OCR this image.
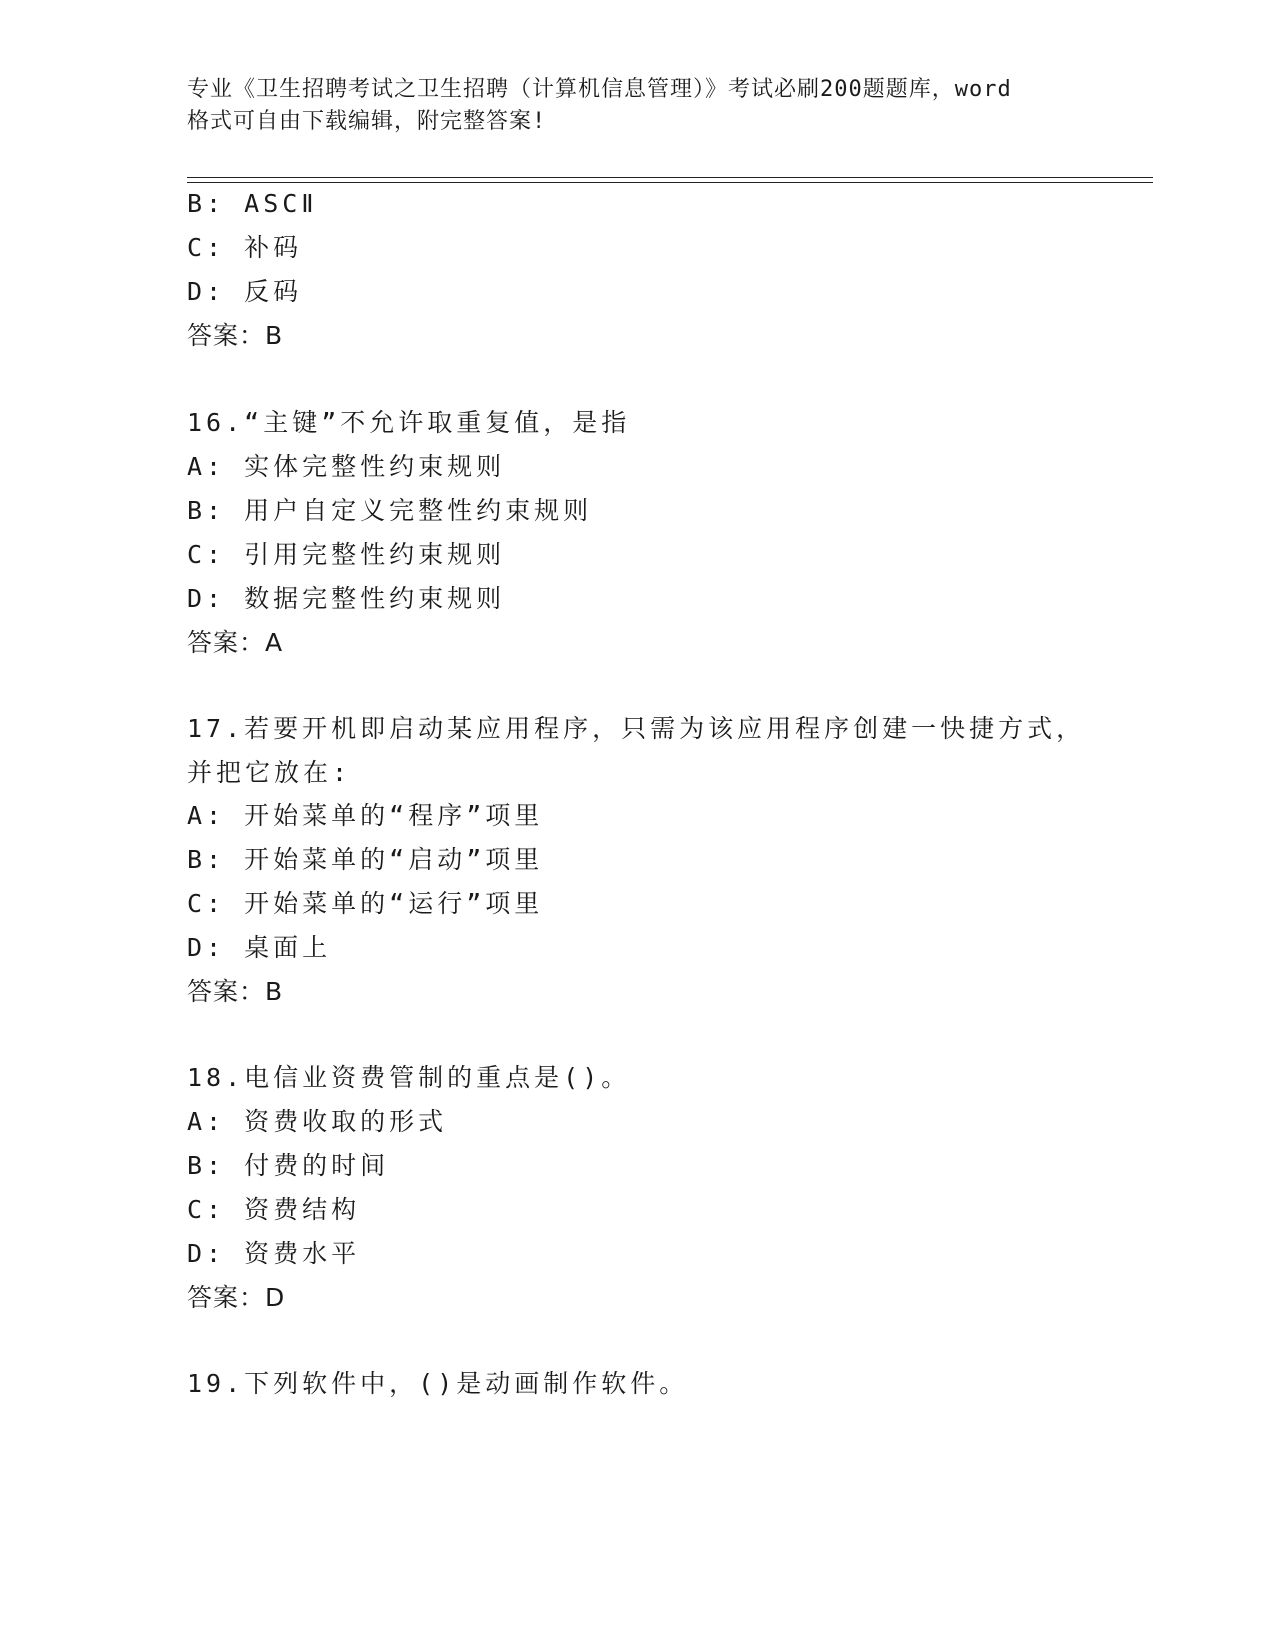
专业《卫生招聘考试之卫生招聘（计算机信息管理）》考试必刷200题题库，word
格式可自由下载编辑，附完整答案!
B: ASCⅡ
C: 补码
D: 反码
答案：B
16.“主键”不允许取重复值，是指
A: 实体完整性约束规则
B: 用户自定义完整性约束规则
C: 引用完整性约束规则
D: 数据完整性约束规则
答案：A
17.若要开机即启动某应用程序，只需为该应用程序创建一快捷方式，
并把它放在:
A: 开始菜单的“程序”项里
B: 开始菜单的“启动”项里
C: 开始菜单的“运行”项里
D: 桌面上
答案：B
18.电信业资费管制的重点是()。
A: 资费收取的形式
B: 付费的时间
C: 资费结构
D: 资费水平
答案：D
19.下列软件中，()是动画制作软件。
